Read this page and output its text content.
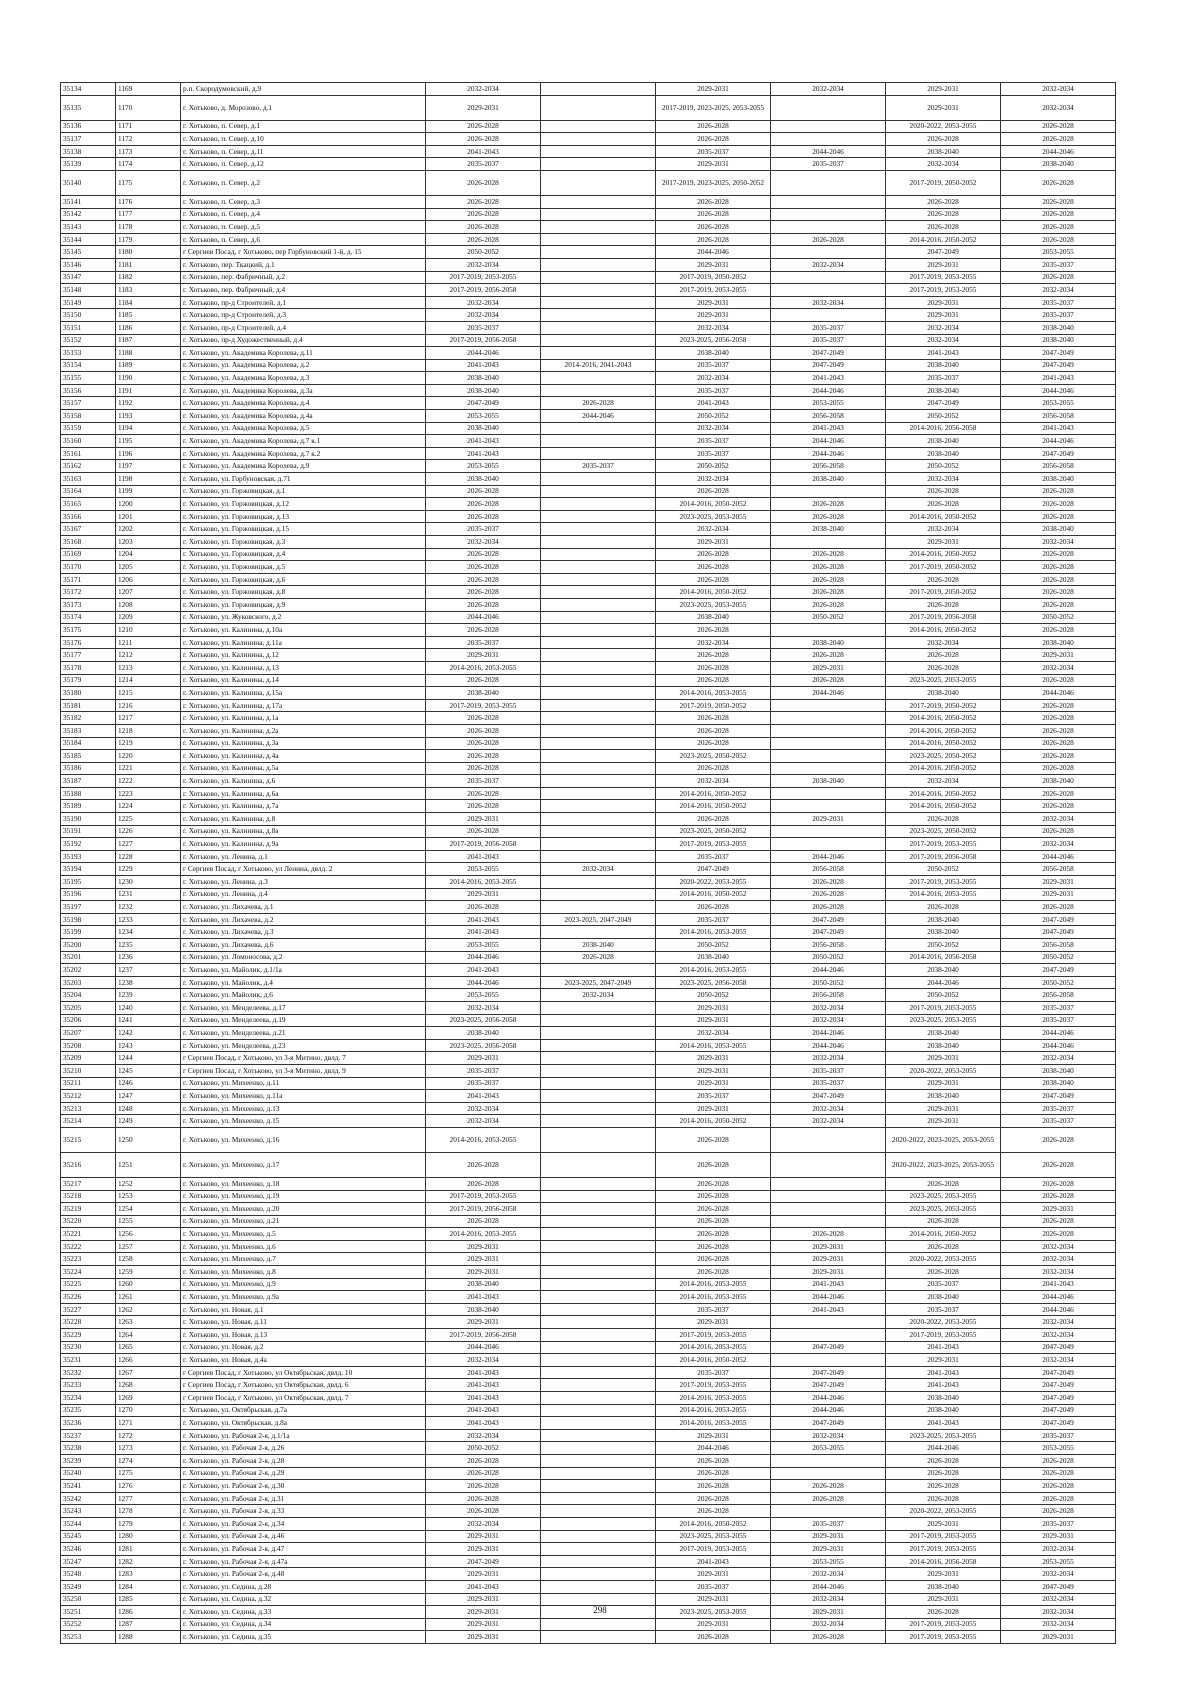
35134	1169	р.п. Скородумовский, д.9	2032-2034		2029-2031	2032-2034	2029-2031	2032-2034
35135	1170	г. Хотьково, д. Морозово, д.1	2029-2031		2017-2019, 2023-2025, 2053-2055		2029-2031	2032-2034
35136	1171	г. Хотьково, п. Север, д.1	2026-2028		2026-2028		2020-2022, 2053-2055	2026-2028
35137	1172	г. Хотьково, п. Север, д.10	2026-2028		2026-2028		2026-2028	2026-2028
35138	1173	г. Хотьково, п. Север, д.11	2041-2043		2035-2037	2044-2046	2038-2040	2044-2046
35139	1174	г. Хотьково, п. Север, д.12	2035-2037		2029-2031	2035-2037	2032-2034	2038-2040
35140	1175	г. Хотьково, п. Север, д.2	2026-2028		2017-2019, 2023-2025, 2050-2052		2017-2019, 2050-2052	2026-2028
35141	1176	г. Хотьково, п. Север, д.3	2026-2028		2026-2028		2026-2028	2026-2028
35142	1177	г. Хотьково, п. Север, д.4	2026-2028		2026-2028		2026-2028	2026-2028
35143	1178	г. Хотьково, п. Север, д.5	2026-2028		2026-2028		2026-2028	2026-2028
35144	1179	г. Хотьково, п. Север, д.6	2026-2028		2026-2028	2026-2028	2014-2016, 2050-2052	2026-2028
35145	1180	г Сергиев Посад, г Хотьково, пер Горбуновский 1-й, д. 15	2050-2052		2044-2046		2047-2049	2053-2055
35146	1181	г. Хотьково, пер. Ткацкий, д.1	2032-2034		2029-2031	2032-2034	2029-2031	2035-2037
35147	1182	г. Хотьково, пер. Фабричный, д.2	2017-2019, 2053-2055		2017-2019, 2050-2052		2017-2019, 2053-2055	2026-2028
35148	1183	г. Хотьково, пер. Фабричный, д.4	2017-2019, 2056-2058		2017-2019, 2053-2055		2017-2019, 2053-2055	2032-2034
35149	1184	г. Хотьково, пр-д Строителей, д.1	2032-2034		2029-2031	2032-2034	2029-2031	2035-2037
35150	1185	г. Хотьково, пр-д Строителей, д.3	2032-2034		2029-2031		2029-2031	2035-2037
35151	1186	г. Хотьково, пр-д Строителей, д.4	2035-2037		2032-2034	2035-2037	2032-2034	2038-2040
35152	1187	г. Хотьково, пр-д Художественный, д.4	2017-2019, 2056-2058		2023-2025, 2056-2058	2035-2037	2032-2034	2038-2040
35153	1188	г. Хотьково, ул. Академика Королева, д.11	2044-2046		2038-2040	2047-2049	2041-2043	2047-2049
35154	1189	г. Хотьково, ул. Академика Королева, д.2	2041-2043	2014-2016, 2041-2043	2035-2037	2047-2049	2038-2040	2047-2049
35155	1190	г. Хотьково, ул. Академика Королева, д.3	2038-2040		2032-2034	2041-2043	2035-2037	2041-2043
35156	1191	г. Хотьково, ул. Академика Королева, д.3а	2038-2040		2035-2037	2044-2046	2038-2040	2044-2046
35157	1192	г. Хотьково, ул. Академика Королева, д.4	2047-2049	2026-2028	2041-2043	2053-2055	2047-2049	2053-2055
35158	1193	г. Хотьково, ул. Академика Королева, д.4а	2053-2055	2044-2046	2050-2052	2056-2058	2050-2052	2056-2058
35159	1194	г. Хотьково, ул. Академика Королева, д.5	2038-2040		2032-2034	2041-2043	2014-2016, 2056-2058	2041-2043
35160	1195	г. Хотьково, ул. Академика Королева, д.7 к.1	2041-2043		2035-2037	2044-2046	2038-2040	2044-2046
35161	1196	г. Хотьково, ул. Академика Королева, д.7 к.2	2041-2043		2035-2037	2044-2046	2038-2040	2047-2049
35162	1197	г. Хотьково, ул. Академика Королева, д.9	2053-2055	2035-2037	2050-2052	2056-2058	2050-2052	2056-2058
35163	1198	г. Хотьково, ул. Горбуновская, д.71	2038-2040		2032-2034	2038-2040	2032-2034	2038-2040
35164	1199	г. Хотьково, ул. Горжовицкая, д.1	2026-2028		2026-2028		2026-2028	2026-2028
35165	1200	г. Хотьково, ул. Горжовицкая, д.12	2026-2028		2014-2016, 2050-2052	2026-2028	2026-2028	2026-2028
35166	1201	г. Хотьково, ул. Горжовицкая, д.13	2026-2028		2023-2025, 2053-2055	2026-2028	2014-2016, 2050-2052	2026-2028
35167	1202	г. Хотьково, ул. Горжовицкая, д.15	2035-2037		2032-2034	2038-2040	2032-2034	2038-2040
35168	1203	г. Хотьково, ул. Горжовицкая, д.3	2032-2034		2029-2031		2029-2031	2032-2034
35169	1204	г. Хотьково, ул. Горжовицкая, д.4	2026-2028		2026-2028	2026-2028	2014-2016, 2050-2052	2026-2028
35170	1205	г. Хотьково, ул. Горжовицкая, д.5	2026-2028		2026-2028	2026-2028	2017-2019, 2050-2052	2026-2028
35171	1206	г. Хотьково, ул. Горжовицкая, д.6	2026-2028		2026-2028	2026-2028	2026-2028	2026-2028
35172	1207	г. Хотьково, ул. Горжовицкая, д.8	2026-2028		2014-2016, 2050-2052	2026-2028	2017-2019, 2050-2052	2026-2028
35173	1208	г. Хотьково, ул. Горжовицкая, д.9	2026-2028		2023-2025, 2053-2055	2026-2028	2026-2028	2026-2028
35174	1209	г. Хотьково, ул. Жуковского, д.2	2044-2046		2038-2040	2050-2052	2017-2019, 2056-2058	2050-2052
35175	1210	г. Хотьково, ул. Калинина, д.10а	2026-2028		2026-2028		2014-2016, 2050-2052	2026-2028
35176	1211	г. Хотьково, ул. Калинина, д.11а	2035-2037		2032-2034	2038-2040	2032-2034	2038-2040
35177	1212	г. Хотьково, ул. Калинина, д.12	2029-2031		2026-2028	2026-2028	2026-2028	2029-2031
35178	1213	г. Хотьково, ул. Калинина, д.13	2014-2016, 2053-2055		2026-2028	2029-2031	2026-2028	2032-2034
35179	1214	г. Хотьково, ул. Калинина, д.14	2026-2028		2026-2028	2026-2028	2023-2025, 2053-2055	2026-2028
35180	1215	г. Хотьково, ул. Калинина, д.15а	2038-2040		2014-2016, 2053-2055	2044-2046	2038-2040	2044-2046
35181	1216	г. Хотьково, ул. Калинина, д.17а	2017-2019, 2053-2055		2017-2019, 2050-2052		2017-2019, 2050-2052	2026-2028
35182	1217	г. Хотьково, ул. Калинина, д.1а	2026-2028		2026-2028		2014-2016, 2050-2052	2026-2028
35183	1218	г. Хотьково, ул. Калинина, д.2а	2026-2028		2026-2028		2014-2016, 2050-2052	2026-2028
35184	1219	г. Хотьково, ул. Калинина, д.3а	2026-2028		2026-2028		2014-2016, 2050-2052	2026-2028
35185	1220	г. Хотьково, ул. Калинина, д.4а	2026-2028		2023-2025, 2050-2052		2023-2025, 2050-2052	2026-2028
35186	1221	г. Хотьково, ул. Калинина, д.5а	2026-2028		2026-2028		2014-2016, 2050-2052	2026-2028
35187	1222	г. Хотьково, ул. Калинина, д.6	2035-2037		2032-2034	2038-2040	2032-2034	2038-2040
35188	1223	г. Хотьково, ул. Калинина, д.6а	2026-2028		2014-2016, 2050-2052		2014-2016, 2050-2052	2026-2028
35189	1224	г. Хотьково, ул. Калинина, д.7а	2026-2028		2014-2016, 2050-2052		2014-2016, 2050-2052	2026-2028
35190	1225	г. Хотьково, ул. Калинина, д.8	2029-2031		2026-2028	2029-2031	2026-2028	2032-2034
35191	1226	г. Хотьково, ул. Калинина, д.8а	2026-2028		2023-2025, 2050-2052		2023-2025, 2050-2052	2026-2028
35192	1227	г. Хотьково, ул. Калинина, д.9а	2017-2019, 2056-2058		2017-2019, 2053-2055		2017-2019, 2053-2055	2032-2034
35193	1228	г. Хотьково, ул. Ленина, д.1	2041-2043		2035-2037	2044-2046	2017-2019, 2056-2058	2044-2046
35194	1229	г Сергиев Посад, г Хотьково, ул Ленина, двлд. 2	2053-2055	2032-2034	2047-2049	2056-2058	2050-2052	2056-2058
35195	1230	г. Хотьково, ул. Ленина, д.3	2014-2016, 2053-2055		2020-2022, 2053-2055	2026-2028	2017-2019, 2053-2055	2029-2031
35196	1231	г. Хотьково, ул. Ленина, д.4	2029-2031		2014-2016, 2050-2052	2026-2028	2014-2016, 2053-2055	2029-2031
35197	1232	г. Хотьково, ул. Лихачева, д.1	2026-2028		2026-2028	2026-2028	2026-2028	2026-2028
35198	1233	г. Хотьково, ул. Лихачева, д.2	2041-2043	2023-2025, 2047-2049	2035-2037	2047-2049	2038-2040	2047-2049
35199	1234	г. Хотьково, ул. Лихачева, д.3	2041-2043		2014-2016, 2053-2055	2047-2049	2038-2040	2047-2049
35200	1235	г. Хотьково, ул. Лихачева, д.6	2053-2055	2038-2040	2050-2052	2056-2058	2050-2052	2056-2058
35201	1236	г. Хотьково, ул. Ломоносова, д.2	2044-2046	2026-2028	2038-2040	2050-2052	2014-2016, 2056-2058	2050-2052
35202	1237	г. Хотьково, ул. Майолик, д.1/1а	2041-2043		2014-2016, 2053-2055	2044-2046	2038-2040	2047-2049
35203	1238	г. Хотьково, ул. Майолик, д.4	2044-2046	2023-2025, 2047-2049	2023-2025, 2056-2058	2050-2052	2044-2046	2050-2052
35204	1239	г. Хотьково, ул. Майолик, д.6	2053-2055	2032-2034	2050-2052	2056-2058	2050-2052	2056-2058
35205	1240	г. Хотьково, ул. Менделеева, д.17	2032-2034		2029-2031	2032-2034	2017-2019, 2053-2055	2035-2037
35206	1241	г. Хотьково, ул. Менделеева, д.19	2023-2025, 2056-2058		2029-2031	2032-2034	2023-2025, 2053-2055	2035-2037
35207	1242	г. Хотьково, ул. Менделеева, д.21	2038-2040		2032-2034	2044-2046	2038-2040	2044-2046
35208	1243	г. Хотьково, ул. Менделеева, д.23	2023-2025, 2056-2058		2014-2016, 2053-2055	2044-2046	2038-2040	2044-2046
35209	1244	г Сергиев Посад, г Хотьково, ул 3-я Митино, двлд. 7	2029-2031		2029-2031	2032-2034	2029-2031	2032-2034
35210	1245	г Сергиев Посад, г Хотьково, ул 3-я Митино, двлд. 9	2035-2037		2029-2031	2035-2037	2020-2022, 2053-2055	2038-2040
35211	1246	г. Хотьково, ул. Михеенко, д.11	2035-2037		2029-2031	2035-2037	2029-2031	2038-2040
35212	1247	г. Хотьково, ул. Михеенко, д.11а	2041-2043		2035-2037	2047-2049	2038-2040	2047-2049
35213	1248	г. Хотьково, ул. Михеенко, д.13	2032-2034		2029-2031	2032-2034	2029-2031	2035-2037
35214	1249	г. Хотьково, ул. Михеенко, д.15	2032-2034		2014-2016, 2050-2052	2032-2034	2029-2031	2035-2037
35215	1250	г. Хотьково, ул. Михеенко, д.16	2014-2016, 2053-2055		2026-2028		2020-2022, 2023-2025, 2053-2055	2026-2028
35216	1251	г. Хотьково, ул. Михеенко, д.17	2026-2028		2026-2028		2020-2022, 2023-2025, 2053-2055	2026-2028
35217	1252	г. Хотьково, ул. Михеенко, д.18	2026-2028		2026-2028		2026-2028	2026-2028
35218	1253	г. Хотьково, ул. Михеенко, д.19	2017-2019, 2053-2055		2026-2028		2023-2025, 2053-2055	2026-2028
35219	1254	г. Хотьково, ул. Михеенко, д.20	2017-2019, 2056-2058		2026-2028		2023-2025, 2053-2055	2029-2031
35220	1255	г. Хотьково, ул. Михеенко, д.21	2026-2028		2026-2028		2026-2028	2026-2028
35221	1256	г. Хотьково, ул. Михеенко, д.5	2014-2016, 2053-2055		2026-2028	2026-2028	2014-2016, 2050-2052	2026-2028
35222	1257	г. Хотьково, ул. Михеенко, д.6	2029-2031		2026-2028	2029-2031	2026-2028	2032-2034
35223	1258	г. Хотьково, ул. Михеенко, д.7	2029-2031		2026-2028	2029-2031	2020-2022, 2053-2055	2032-2034
35224	1259	г. Хотьково, ул. Михеенко, д.8	2029-2031		2026-2028	2029-2031	2026-2028	2032-2034
35225	1260	г. Хотьково, ул. Михеенко, д.9	2038-2040		2014-2016, 2053-2055	2041-2043	2035-2037	2041-2043
35226	1261	г. Хотьково, ул. Михеенко, д.9а	2041-2043		2014-2016, 2053-2055	2044-2046	2038-2040	2044-2046
35227	1262	г. Хотьково, ул. Новая, д.1	2038-2040		2035-2037	2041-2043	2035-2037	2044-2046
35228	1263	г. Хотьково, ул. Новая, д.11	2029-2031		2029-2031		2020-2022, 2053-2055	2032-2034
35229	1264	г. Хотьково, ул. Новая, д.13	2017-2019, 2056-2058		2017-2019, 2053-2055		2017-2019, 2053-2055	2032-2034
35230	1265	г. Хотьково, ул. Новая, д.2	2044-2046		2014-2016, 2053-2055	2047-2049	2041-2043	2047-2049
35231	1266	г. Хотьково, ул. Новая, д.4а	2032-2034		2014-2016, 2050-2052		2029-2031	2032-2034
35232	1267	г Сергиев Посад, г Хотьково, ул Октябрьская, двлд. 10	2041-2043		2035-2037	2047-2049	2041-2043	2047-2049
35233	1268	г Сергиев Посад, г Хотьково, ул Октябрьская, двлд. 6	2041-2043		2017-2019, 2053-2055	2047-2049	2041-2043	2047-2049
35234	1269	г Сергиев Посад, г Хотьково, ул Октябрьская, двлд. 7	2041-2043		2014-2016, 2053-2055	2044-2046	2038-2040	2047-2049
35235	1270	г. Хотьково, ул. Октябрьская, д.7а	2041-2043		2014-2016, 2053-2055	2044-2046	2038-2040	2047-2049
35236	1271	г. Хотьково, ул. Октябрьская, д.8а	2041-2043		2014-2016, 2053-2055	2047-2049	2041-2043	2047-2049
35237	1272	г. Хотьково, ул. Рабочая 2-я, д.1/1а	2032-2034		2029-2031	2032-2034	2023-2025, 2053-2055	2035-2037
35238	1273	г. Хотьково, ул. Рабочая 2-я, д.26	2050-2052		2044-2046	2053-2055	2044-2046	2053-2055
35239	1274	г. Хотьково, ул. Рабочая 2-я, д.28	2026-2028		2026-2028		2026-2028	2026-2028
35240	1275	г. Хотьково, ул. Рабочая 2-я, д.29	2026-2028		2026-2028		2026-2028	2026-2028
35241	1276	г. Хотьково, ул. Рабочая 2-я, д.30	2026-2028		2026-2028	2026-2028	2026-2028	2026-2028
35242	1277	г. Хотьково, ул. Рабочая 2-я, д.31	2026-2028		2026-2028	2026-2028	2026-2028	2026-2028
35243	1278	г. Хотьково, ул. Рабочая 2-я, д.33	2026-2028		2026-2028		2020-2022, 2053-2055	2026-2028
35244	1279	г. Хотьково, ул. Рабочая 2-я, д.34	2032-2034		2014-2016, 2050-2052	2035-2037	2029-2031	2035-2037
35245	1280	г. Хотьково, ул. Рабочая 2-я, д.46	2029-2031		2023-2025, 2053-2055	2029-2031	2017-2019, 2053-2055	2029-2031
35246	1281	г. Хотьково, ул. Рабочая 2-я, д.47	2029-2031		2017-2019, 2053-2055	2029-2031	2017-2019, 2053-2055	2032-2034
35247	1282	г. Хотьково, ул. Рабочая 2-я, д.47а	2047-2049		2041-2043	2053-2055	2014-2016, 2056-2058	2053-2055
35248	1283	г. Хотьково, ул. Рабочая 2-я, д.48	2029-2031		2029-2031	2032-2034	2029-2031	2032-2034
35249	1284	г. Хотьково, ул. Седина, д.28	2041-2043		2035-2037	2044-2046	2038-2040	2047-2049
35250	1285	г. Хотьково, ул. Седина, д.32	2029-2031		2029-2031	2032-2034	2029-2031	2032-2034
35251	1286	г. Хотьково, ул. Седина, д.33	2029-2031		2023-2025, 2053-2055	2029-2031	2026-2028	2032-2034
35252	1287	г. Хотьково, ул. Седина, д.34	2029-2031		2029-2031	2032-2034	2017-2019, 2053-2055	2032-2034
35253	1288	г. Хотьково, ул. Седина, д.35	2029-2031		2026-2028	2026-2028	2017-2019, 2053-2055	2029-2031
298
